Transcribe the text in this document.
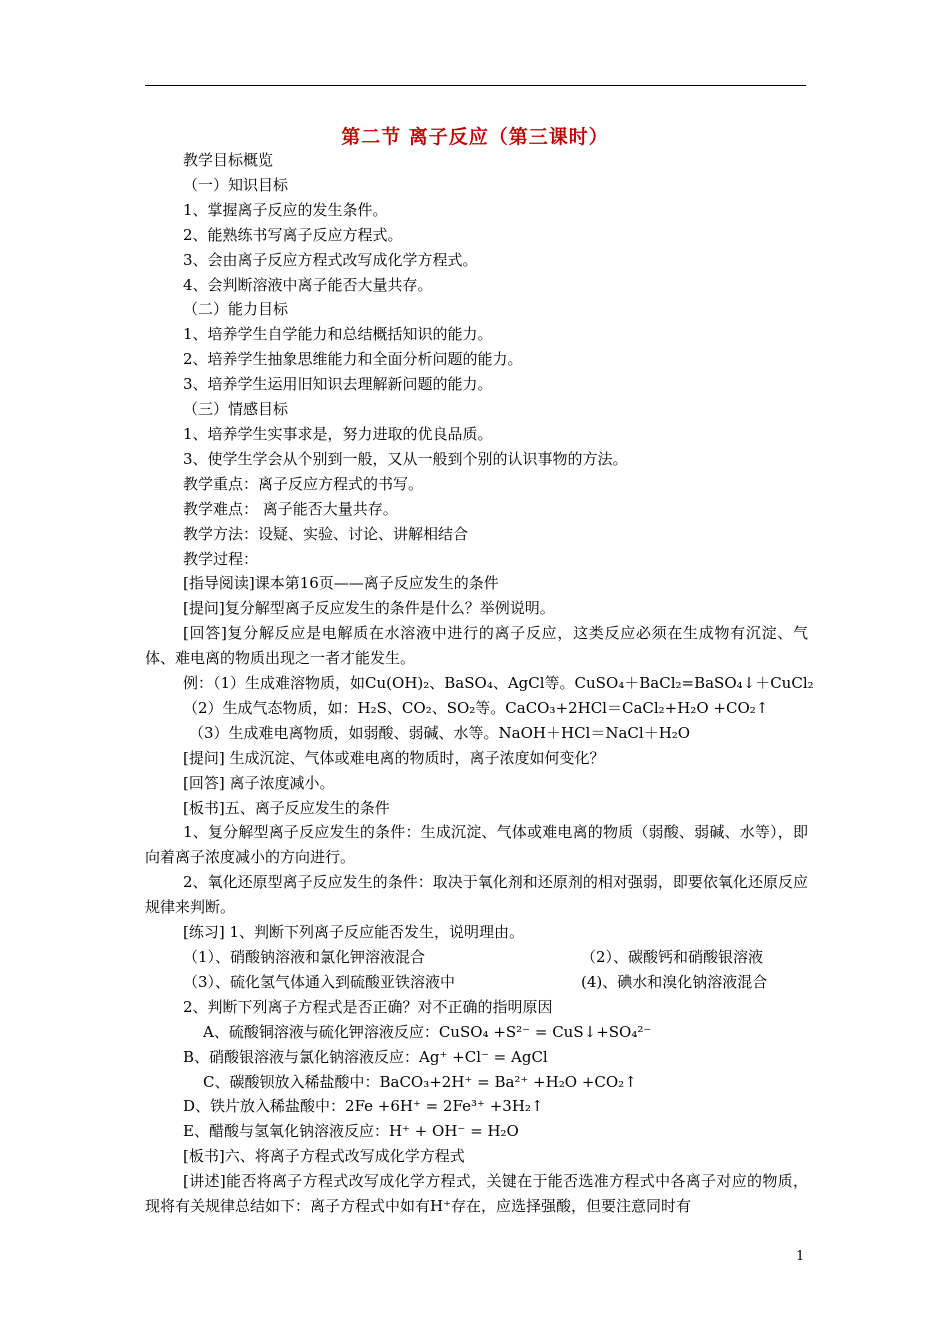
第二节 离子反应（第三课时）
教学目标概览
（一）知识目标
1、掌握离子反应的发生条件。
2、能熟练书写离子反应方程式。
3、会由离子反应方程式改写成化学方程式。
4、会判断溶液中离子能否大量共存。
（二）能力目标
1、培养学生自学能力和总结概括知识的能力。
2、培养学生抽象思维能力和全面分析问题的能力。
3、培养学生运用旧知识去理解新问题的能力。
（三）情感目标
1、培养学生实事求是，努力进取的优良品质。
3、使学生学会从个别到一般，又从一般到个别的认识事物的方法。
教学重点：离子反应方程式的书写。
教学难点： 离子能否大量共存。
教学方法：设疑、实验、讨论、讲解相结合
教学过程：
[指导阅读]课本第16页——离子反应发生的条件
[提问]复分解型离子反应发生的条件是什么？举例说明。
[回答]复分解反应是电解质在水溶液中进行的离子反应，这类反应必须在生成物有沉淀、气体、难电离的物质出现之一者才能发生。
例：（1）生成难溶物质，如Cu(OH)₂、BaSO₄、AgCl等。CuSO₄＋BaCl₂=BaSO₄↓＋CuCl₂
（2）生成气态物质，如：H₂S、CO₂、SO₂等。CaCO₃+2HCl＝CaCl₂+H₂O +CO₂↑
（3）生成难电离物质，如弱酸、弱碱、水等。NaOH＋HCl＝NaCl＋H₂O
[提问] 生成沉淀、气体或难电离的物质时，离子浓度如何变化？
[回答] 离子浓度减小。
[板书]五、离子反应发生的条件
1、复分解型离子反应发生的条件：生成沉淀、气体或难电离的物质（弱酸、弱碱、水等），即向着离子浓度减小的方向进行。
2、氧化还原型离子反应发生的条件：取决于氧化剂和还原剂的相对强弱，即要依氧化还原反应规律来判断。
[练习] 1、判断下列离子反应能否发生，说明理由。
（1）、硝酸钠溶液和氯化钾溶液混合	（2）、碳酸钙和硝酸银溶液
（3）、硫化氢气体通入到硫酸亚铁溶液中	(4)、碘水和溴化钠溶液混合
2、判断下列离子方程式是否正确？对不正确的指明原因
A、硫酸铜溶液与硫化钾溶液反应：CuSO₄ +S²⁻ = CuS↓+SO₄²⁻
B、硝酸银溶液与氯化钠溶液反应：Ag⁺ +Cl⁻ = AgCl
C、碳酸钡放入稀盐酸中：BaCO₃+2H⁺ = Ba²⁺ +H₂O +CO₂↑
D、铁片放入稀盐酸中：2Fe +6H⁺ = 2Fe³⁺ +3H₂↑
E、醋酸与氢氧化钠溶液反应：H⁺ + OH⁻ = H₂O
[板书]六、将离子方程式改写成化学方程式
[讲述]能否将离子方程式改写成化学方程式，关键在于能否选准方程式中各离子对应的物质，现将有关规律总结如下：离子方程式中如有H⁺存在，应选择强酸，但要注意同时有
1
